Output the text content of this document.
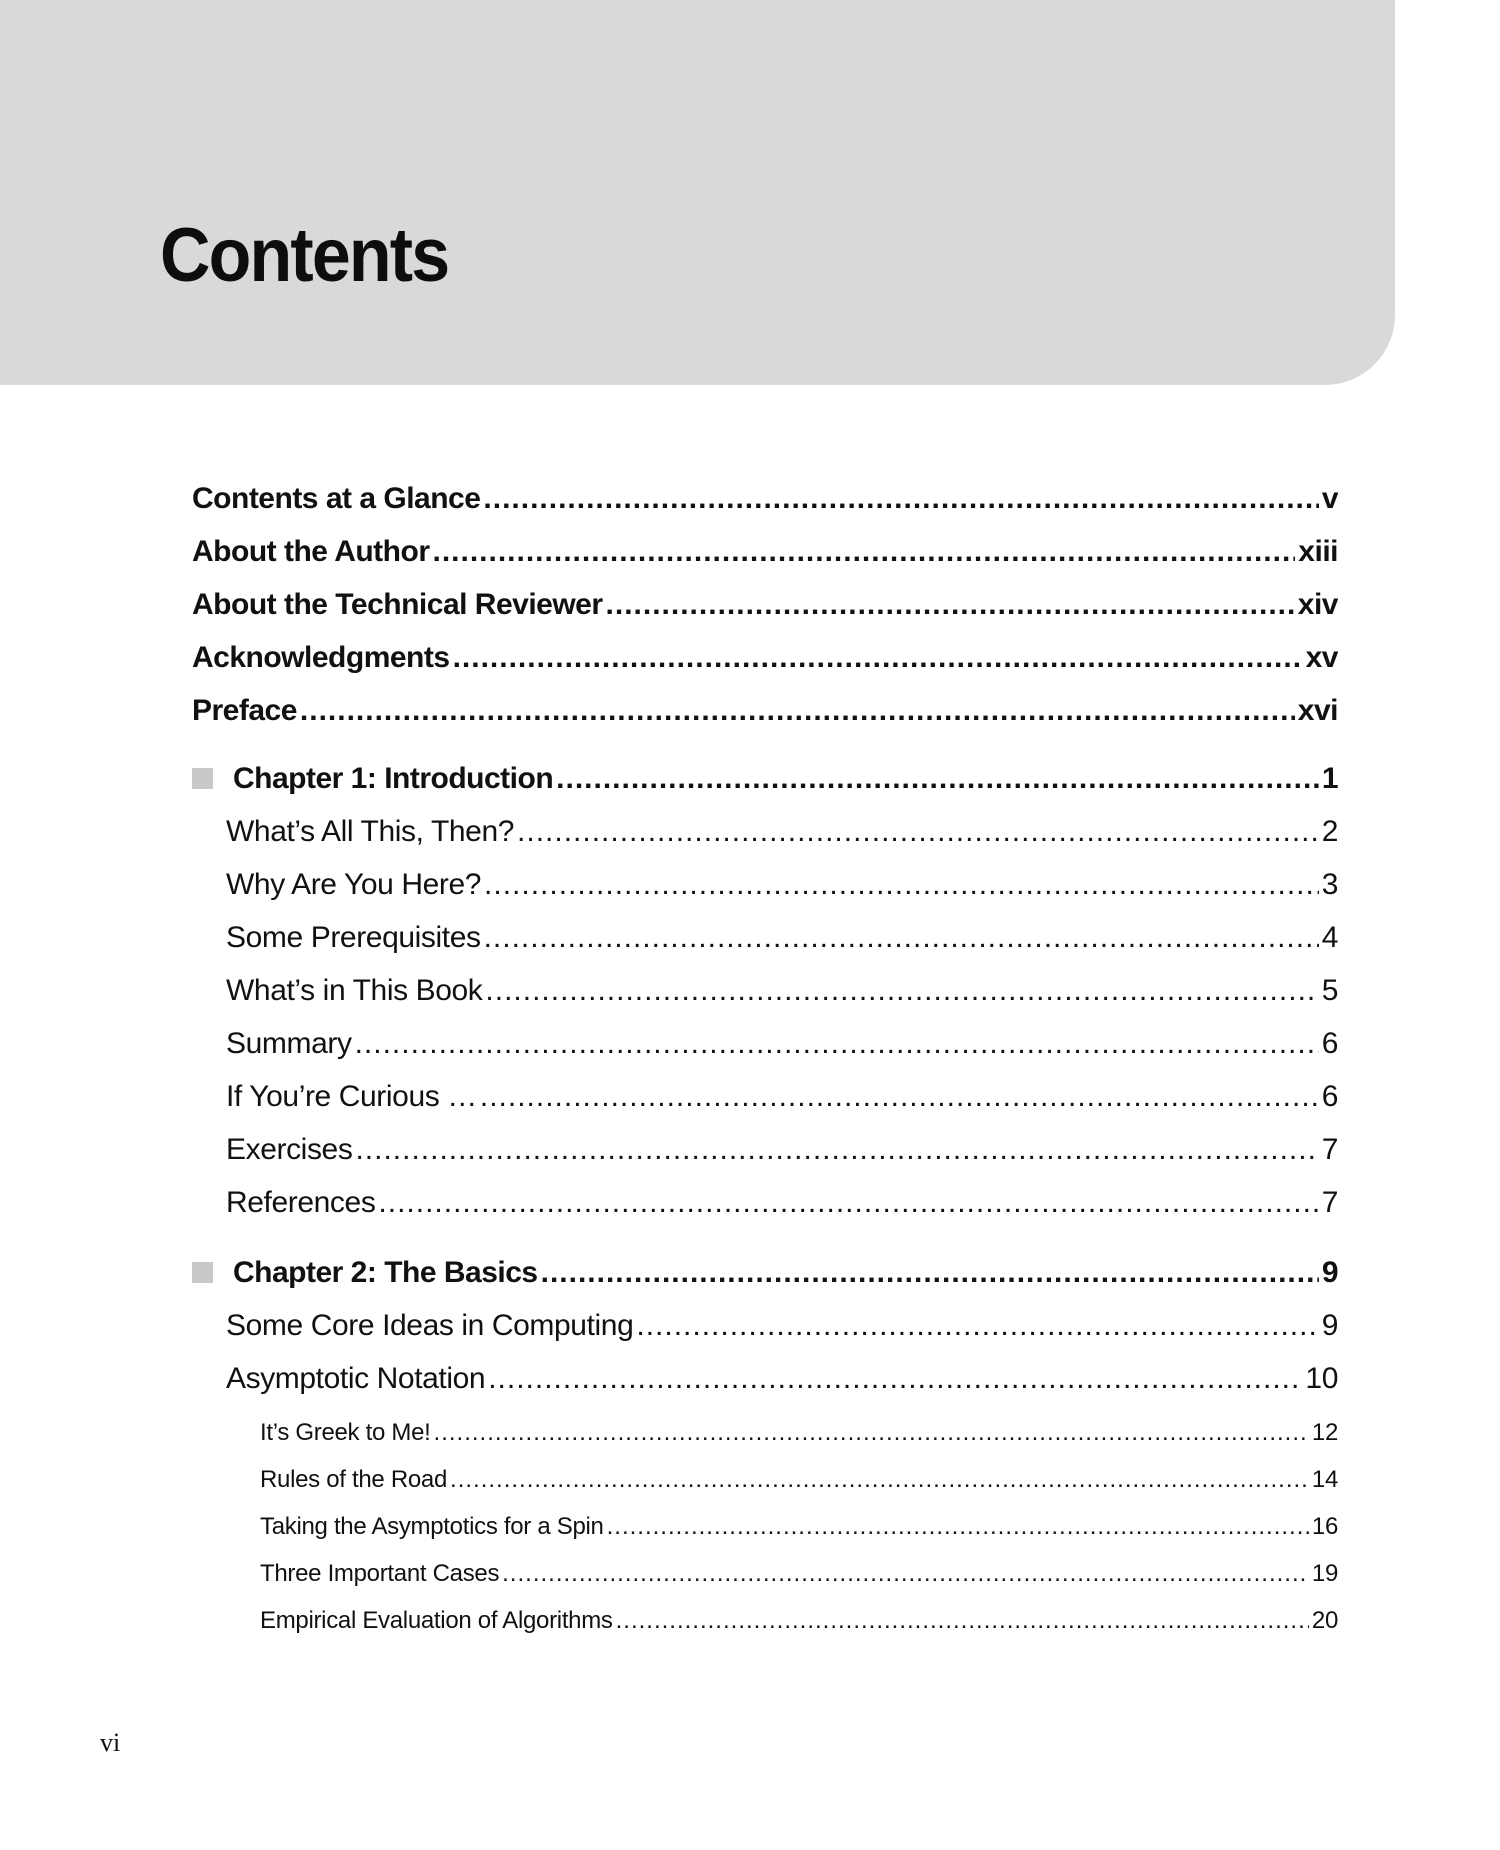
Contents
Contents at a Glance .....	v
About the Author .....	xiii
About the Technical Reviewer .....	xiv
Acknowledgments .....	xv
Preface .....	xvi
Chapter 1: Introduction .....	1
What’s All This, Then? .....	2
Why Are You Here? .....	3
Some Prerequisites .....	4
What’s in This Book .....	5
Summary .....	6
If You’re Curious … .....	6
Exercises .....	7
References .....	7
Chapter 2: The Basics .....	9
Some Core Ideas in Computing .....	9
Asymptotic Notation .....	10
It’s Greek to Me! .....	12
Rules of the Road .....	14
Taking the Asymptotics for a Spin .....	16
Three Important Cases .....	19
Empirical Evaluation of Algorithms .....	20
vi
